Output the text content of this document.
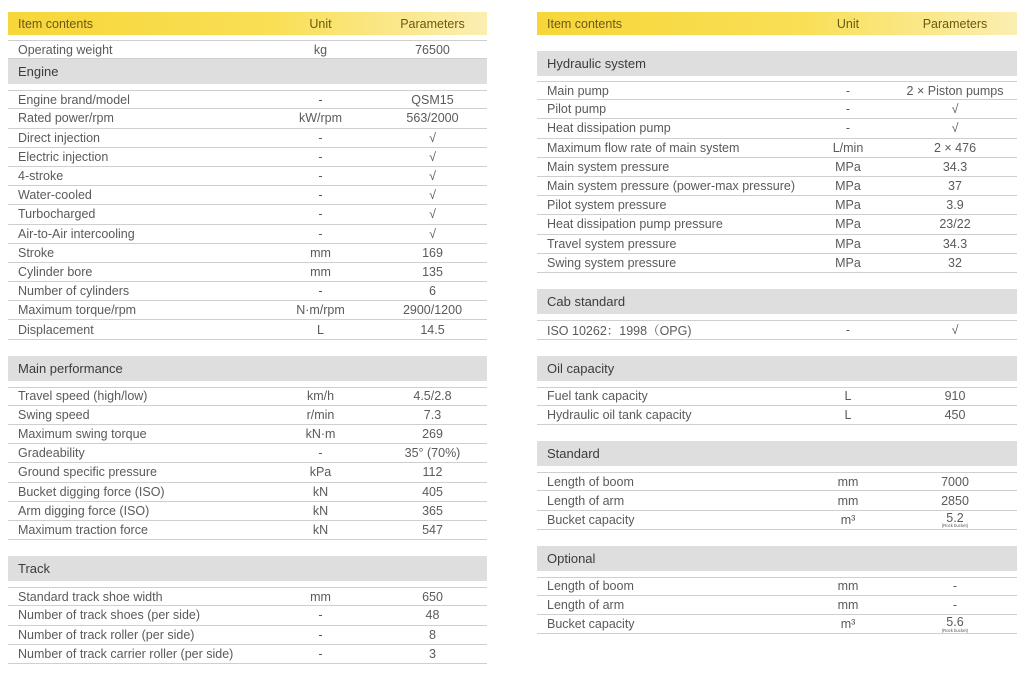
Item contents	Unit	Parameters
Operating weight	kg	76500
Engine
Engine brand/model	-	QSM15
Rated power/rpm	kW/rpm	563/2000
Direct injection	-	√
Electric injection	-	√
4-stroke	-	√
Water-cooled	-	√
Turbocharged	-	√
Air-to-Air intercooling	-	√
Stroke	mm	169
Cylinder bore	mm	135
Number of cylinders	-	6
Maximum torque/rpm	N·m/rpm	2900/1200
Displacement	L	14.5
Main performance
Travel speed (high/low)	km/h	4.5/2.8
Swing speed	r/min	7.3
Maximum swing torque	kN·m	269
Gradeability	-	35° (70%)
Ground specific pressure	kPa	112
Bucket digging force (ISO)	kN	405
Arm digging force (ISO)	kN	365
Maximum traction force	kN	547
Track
Standard track shoe width	mm	650
Number of track shoes (per side)	-	48
Number of track roller (per side)	-	8
Number of track carrier roller (per side)	-	3
Item contents	Unit	Parameters
Hydraulic system
Main pump	-	2 × Piston pumps
Pilot pump	-	√
Heat dissipation pump	-	√
Maximum flow rate of main system	L/min	2 × 476
Main system pressure	MPa	34.3
Main system pressure (power-max pressure)	MPa	37
Pilot system pressure	MPa	3.9
Heat dissipation pump pressure	MPa	23/22
Travel system pressure	MPa	34.3
Swing system pressure	MPa	32
Cab standard
ISO 10262：1998（OPG)	-	√
Oil capacity
Fuel tank capacity	L	910
Hydraulic oil tank capacity	L	450
Standard
Length of boom	mm	7000
Length of arm	mm	2850
Bucket capacity	m³	5.2
(Rock bucket)
Optional
Length of boom	mm	-
Length of arm	mm	-
Bucket capacity	m³	5.6
(Rock bucket)
